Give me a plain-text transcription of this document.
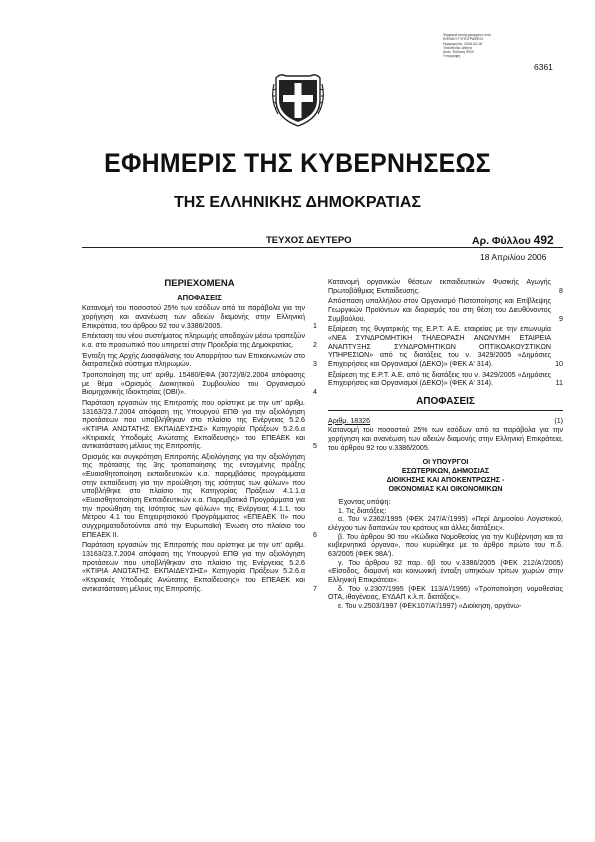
Ψηφιακά υπογεγραμμένο από
ΕΘΝΙΚΟ ΤΥΠΟΓΡΑΦΕΙΟ
Ημερομηνία: 2006.04.18
Τοποθεσία: Αθήνα
Αιτία: Έκδοση ΦΕΚ
Υπογραφή
6361
ΕΦΗΜΕΡΙΣ ΤΗΣ ΚΥΒΕΡΝΗΣΕΩΣ
ΤΗΣ ΕΛΛΗΝΙΚΗΣ ΔΗΜΟΚΡΑΤΙΑΣ
ΤΕΥΧΟΣ ΔΕΥΤΕΡΟ	Αρ. Φύλλου 492
18 Απριλίου 2006
ΠΕΡΙΕΧΟΜΕΝΑ
ΑΠΟΦΑΣΕΙΣ
Κατανομή του ποσοστού 25% των εσόδων από τα παράβολα για την χορήγηση και ανανέωση των αδειών διαμονής στην Ελληνική Επικράτεια, του άρθρου 92 του ν.3386/2005.	1
Επέκταση του νέου συστήματος πληρωμής αποδοχών μέσω τραπεζών κ.α. στο προσωπικό που υπηρετεί στην Προεδρία της Δημοκρατίας.	2
Ένταξη της Αρχής Διασφάλισης του Απορρήτου των Επικοινωνιών στο διατραπεζικό σύστημα πληρωμών.	3
Τροποποίηση της υπ' αριθμ. 15480/ΕΦΑ (3072)/8/2.2004 απόφασης με θέμα «Ορισμός Διοικητικού Συμβουλίου του Οργανισμού Βιομηχανικής Ιδιοκτησίας (ΟΒΙ)».	4
Παράταση εργασιών της Επιτροπής που ορίστηκε με την υπ' αριθμ. 13163/23.7.2004 απόφαση της Υπουργού ΕΠΘ για την αξιολόγηση προτάσεων που υποβλήθηκαν στο πλαίσιο της Ενέργειας 5.2.6 «ΚΤΙΡΙΑ ΑΝΩΤΑΤΗΣ ΕΚΠΑΙΔΕΥΣΗΣ» Κατηγορία Πράξεων 5.2.6.α «Κτιριακές Υποδομές Ανώτατης Εκπαίδευσης» του ΕΠΕΑΕΚ και αντικατάσταση μέλους της Επιτροπής.	5
Ορισμός και συγκρότηση Επιτροπής Αξιολόγησης για την αξιολόγηση της πρότασης της 3ης τροποποίησης της ενταγμένης πράξης «Ευαισθητοποίηση εκπαιδευτικών κ.α. παρεμβάσεις προγράμματα στην εκπαίδευση για την προώθηση της ισότητας των φύλων» που υποβλήθηκε στο πλαίσιο της Κατηγορίας Πράξεων 4.1.1.α «Ευαισθητοποίηση Εκπαιδευτικών κ.α. Παρεμβατικά Προγράμματα για την προώθηση της Ισότητας των φύλων» της Ενέργειας 4.1.1. του Μέτρου 4.1 του Επιχειρησιακού Προγράμματος «ΕΠΕΑΕΚ ΙΙ» που συγχρηματοδοτούνται από την Ευρωπαϊκή Ένωση στο πλαίσιο του ΕΠΕΑΕΚ ΙΙ.	6
Παράταση εργασιών της Επιτροπής που ορίστηκε με την υπ' αριθμ. 13163/23.7.2004 απόφαση της Υπουργού ΕΠΘ για την αξιολόγηση προτάσεων που υποβλήθηκαν στο πλαίσιο της Ενέργειας 5.2.6 «ΚΤΙΡΙΑ ΑΝΩΤΑΤΗΣ ΕΚΠΑΙΔΕΥΣΗΣ» Κατηγορία Πράξεων 5.2.6.α «Κτιριακές Υποδομές Ανώτατης Εκπαίδευσης» του ΕΠΕΑΕΚ και αντικατάσταση μέλους της Επιτροπής.	7
Κατανομή οργανικών θέσεων εκπαιδευτικών Φυσικής Αγωγής Πρωτοβάθμιας Εκπαίδευσης.	8
Απόσπαση υπαλλήλου στον Οργανισμό Πιστοποίησης και Επίβλεψης Γεωργικών Προϊόντων και διορισμός του στη θέση του Διευθύνοντος Συμβούλου.	9
Εξαίρεση της θυγατρικής της Ε.Ρ.Τ. Α.Ε. εταιρείας με την επωνυμία «ΝΕΑ ΣΥΝΔΡΟΜΗΤΙΚΗ ΤΗΛΕΟΡΑΣΗ ΑΝΩΝΥΜΗ ΕΤΑΙΡΕΙΑ ΑΝΑΠΤΥΞΗΣ ΣΥΝΔΡΟΜΗΤΙΚΩΝ ΟΠΤΙΚΟΑΚΟΥΣΤΙΚΩΝ ΥΠΗΡΕΣΙΩΝ» από τις διατάξεις του ν. 3429/2005 «Δημόσιες Επιχειρήσεις και Οργανισμοί (ΔΕΚΟ)» (ΦΕΚ Α' 314).	10
Εξαίρεση της Ε.Ρ.Τ. Α.Ε. από τις διατάξεις του ν. 3429/2005 «Δημόσιες Επιχειρήσεις και Οργανισμοί (ΔΕΚΟ)» (ΦΕΚ Α' 314).	11
ΑΠΟΦΑΣΕΙΣ
Αριθμ. 18326	(1)
Κατανομή του ποσοστού 25% των εσόδων από τα παράβολα για την χορήγηση και ανανέωση των αδειών διαμονής στην Ελληνική Επικράτεια, του άρθρου 92 του ν.3386/2005.
ΟΙ ΥΠΟΥΡΓΟΙ
ΕΣΩΤΕΡΙΚΩΝ, ΔΗΜΟΣΙΑΣ
ΔΙΟΙΚΗΣΗΣ ΚΑΙ ΑΠΟΚΕΝΤΡΩΣΗΣ -
ΟΙΚΟΝΟΜΙΑΣ ΚΑΙ ΟΙΚΟΝΟΜΙΚΩΝ
Έχοντας υπόψη:
1. Τις διατάξεις:
α. Του ν.2362/1995 (ΦΕΚ 247/Α'/1995) «Περί Δημοσίου Λογιστικού, ελέγχου των δαπανών του κράτους και άλλες διατάξεις».
β. Του άρθρου 90 του «Κώδικα Νομοθεσίας για την Κυβέρνηση και τα κυβερνητικά όργανα», που κυρώθηκε με το άρθρο πρώτο του π.δ. 63/2005 (ΦΕΚ 98Α').
γ. Του άρθρου 92 παρ. 6β του ν.3386/2005 (ΦΕΚ 212/Α'/2005) «Είσοδος, διαμονή και κοινωνική ένταξη υπηκόων τρίτων χωρών στην Ελληνική Επικράτεια».
δ. Του ν.2307/1995 (ΦΕΚ 113/Α'/1995) «Τροποποίηση νομοθεσίας ΟΤΑ, ιθαγένειας, ΕΥΔΑΠ κ.λ.π. διατάξεις».
ε. Του ν.2503/1997 (ΦΕΚ107/Α'/1997) «Διοίκηση, οργάνω-
